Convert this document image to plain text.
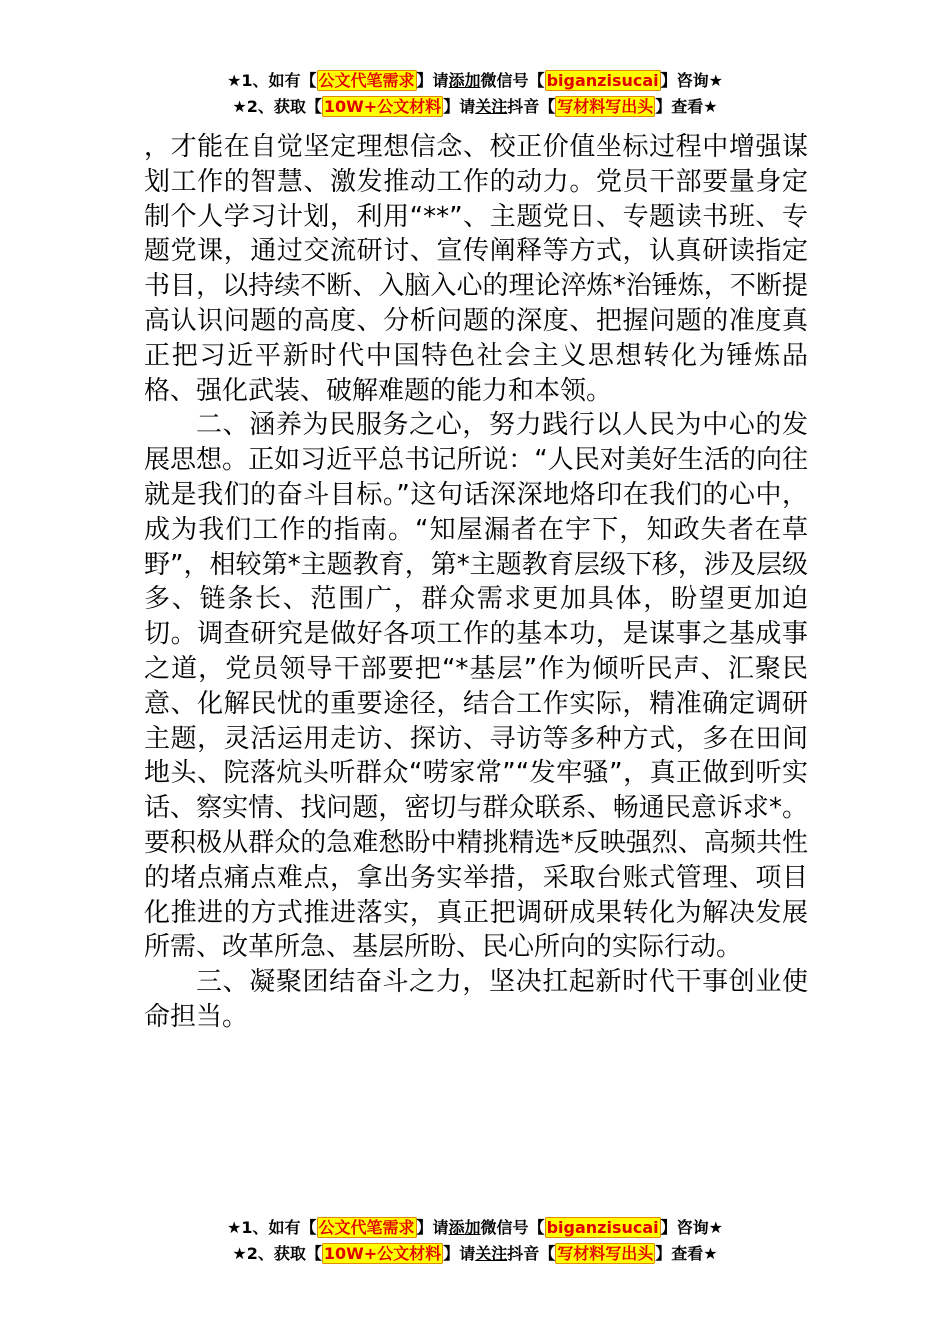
★1、如有【 公文代笔需求 】请添加微信号【 biganzisucai 】咨询★
★2、获取【 10W+公文材料 】请关注抖音【 写材料写出头 】查看★

，才能在自觉坚定理想信念、校正价值坐标过程中增强谋划工作的智慧、激发推动工作的动力。党员干部要量身定制个人学习计划，利用“**”、主题党日、专题读书班、专题党课，通过交流研讨、宣传阐释等方式，认真研读指定书目，以持续不断、入脑入心的理论淬炼*治锤炼，不断提高认识问题的高度、分析问题的深度、把握问题的准度真正把习近平新时代中国特色社会主义思想转化为锤炼品格、强化武装、破解难题的能力和本领。

二、涵养为民服务之心，努力践行以人民为中心的发展思想。正如习近平总书记所说：“人民对美好生活的向往就是我们的奋斗目标。”这句话深深地烙印在我们的心中，成为我们工作的指南。“知屋漏者在宇下，知政失者在草野”，相较第*主题教育，第*主题教育层级下移，涉及层级多、链条长、范围广，群众需求更加具体，盼望更加迫切。调查研究是做好各项工作的基本功，是谋事之基成事之道，党员领导干部要把“*基层”作为倾听民声、汇聚民意、化解民忧的重要途径，结合工作实际，精准确定调研主题，灵活运用走访、探访、寻访等多种方式，多在田间地头、院落炕头听群众“唠家常”“发牢骚”，真正做到听实话、察实情、找问题，密切与群众联系、畅通民意诉求*。要积极从群众的急难愁盼中精挑精选*反映强烈、高频共性的堵点痛点难点，拿出务实举措，采取台账式管理、项目化推进的方式推进落实，真正把调研成果转化为解决发展所需、改革所急、基层所盼、民心所向的实际行动。

三、凝聚团结奋斗之力，坚决扛起新时代干事创业使命担当。

★1、如有【 公文代笔需求 】请添加微信号【 biganzisucai 】咨询★
★2、获取【 10W+公文材料 】请关注抖音【 写材料写出头 】查看★
